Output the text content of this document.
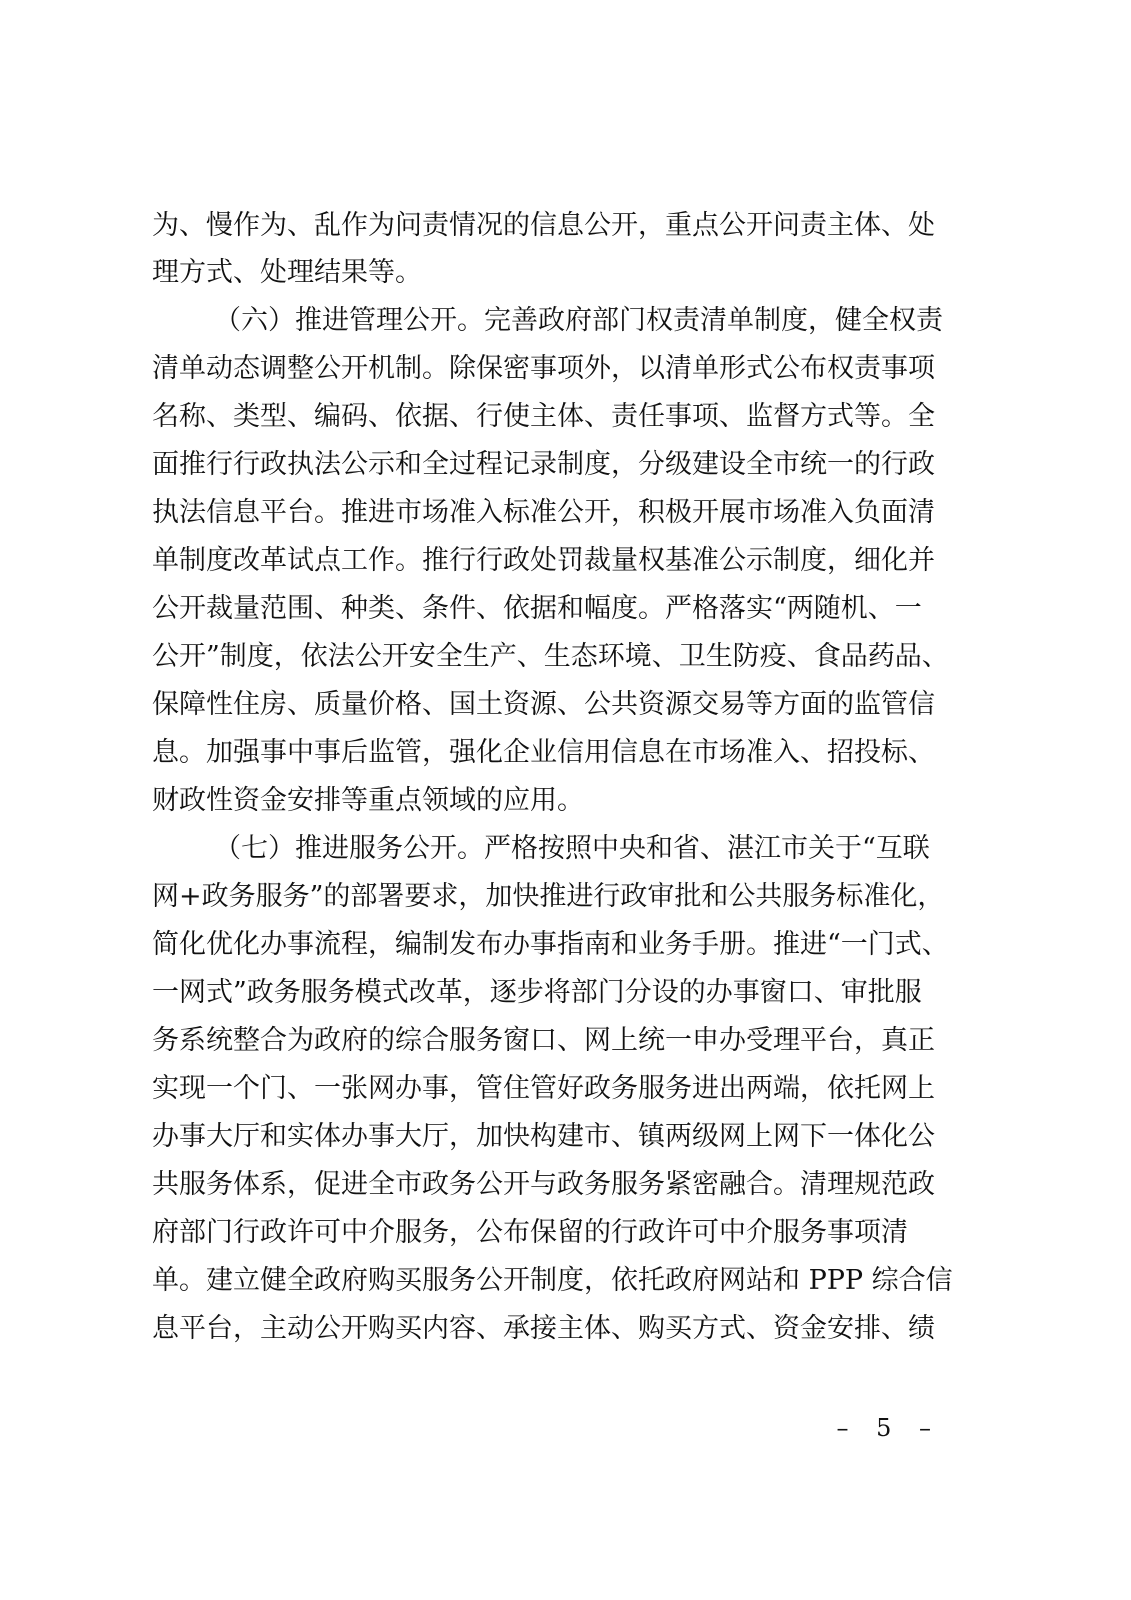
为、慢作为、乱作为问责情况的信息公开，重点公开问责主体、处
理方式、处理结果等。
（六）推进管理公开。完善政府部门权责清单制度，健全权责
清单动态调整公开机制。除保密事项外，以清单形式公布权责事项
名称、类型、编码、依据、行使主体、责任事项、监督方式等。全
面推行行政执法公示和全过程记录制度，分级建设全市统一的行政
执法信息平台。推进市场准入标准公开，积极开展市场准入负面清
单制度改革试点工作。推行行政处罚裁量权基准公示制度，细化并
公开裁量范围、种类、条件、依据和幅度。严格落实“两随机、一
公开”制度，依法公开安全生产、生态环境、卫生防疫、食品药品、
保障性住房、质量价格、国土资源、公共资源交易等方面的监管信
息。加强事中事后监管，强化企业信用信息在市场准入、招投标、
财政性资金安排等重点领域的应用。
（七）推进服务公开。严格按照中央和省、湛江市关于“互联
网+政务服务”的部署要求，加快推进行政审批和公共服务标准化，
简化优化办事流程，编制发布办事指南和业务手册。推进“一门式、
一网式”政务服务模式改革，逐步将部门分设的办事窗口、审批服
务系统整合为政府的综合服务窗口、网上统一申办受理平台，真正
实现一个门、一张网办事，管住管好政务服务进出两端，依托网上
办事大厅和实体办事大厅，加快构建市、镇两级网上网下一体化公
共服务体系，促进全市政务公开与政务服务紧密融合。清理规范政
府部门行政许可中介服务，公布保留的行政许可中介服务事项清
单。建立健全政府购买服务公开制度，依托政府网站和 PPP 综合信
息平台，主动公开购买内容、承接主体、购买方式、资金安排、绩
– 5 –
